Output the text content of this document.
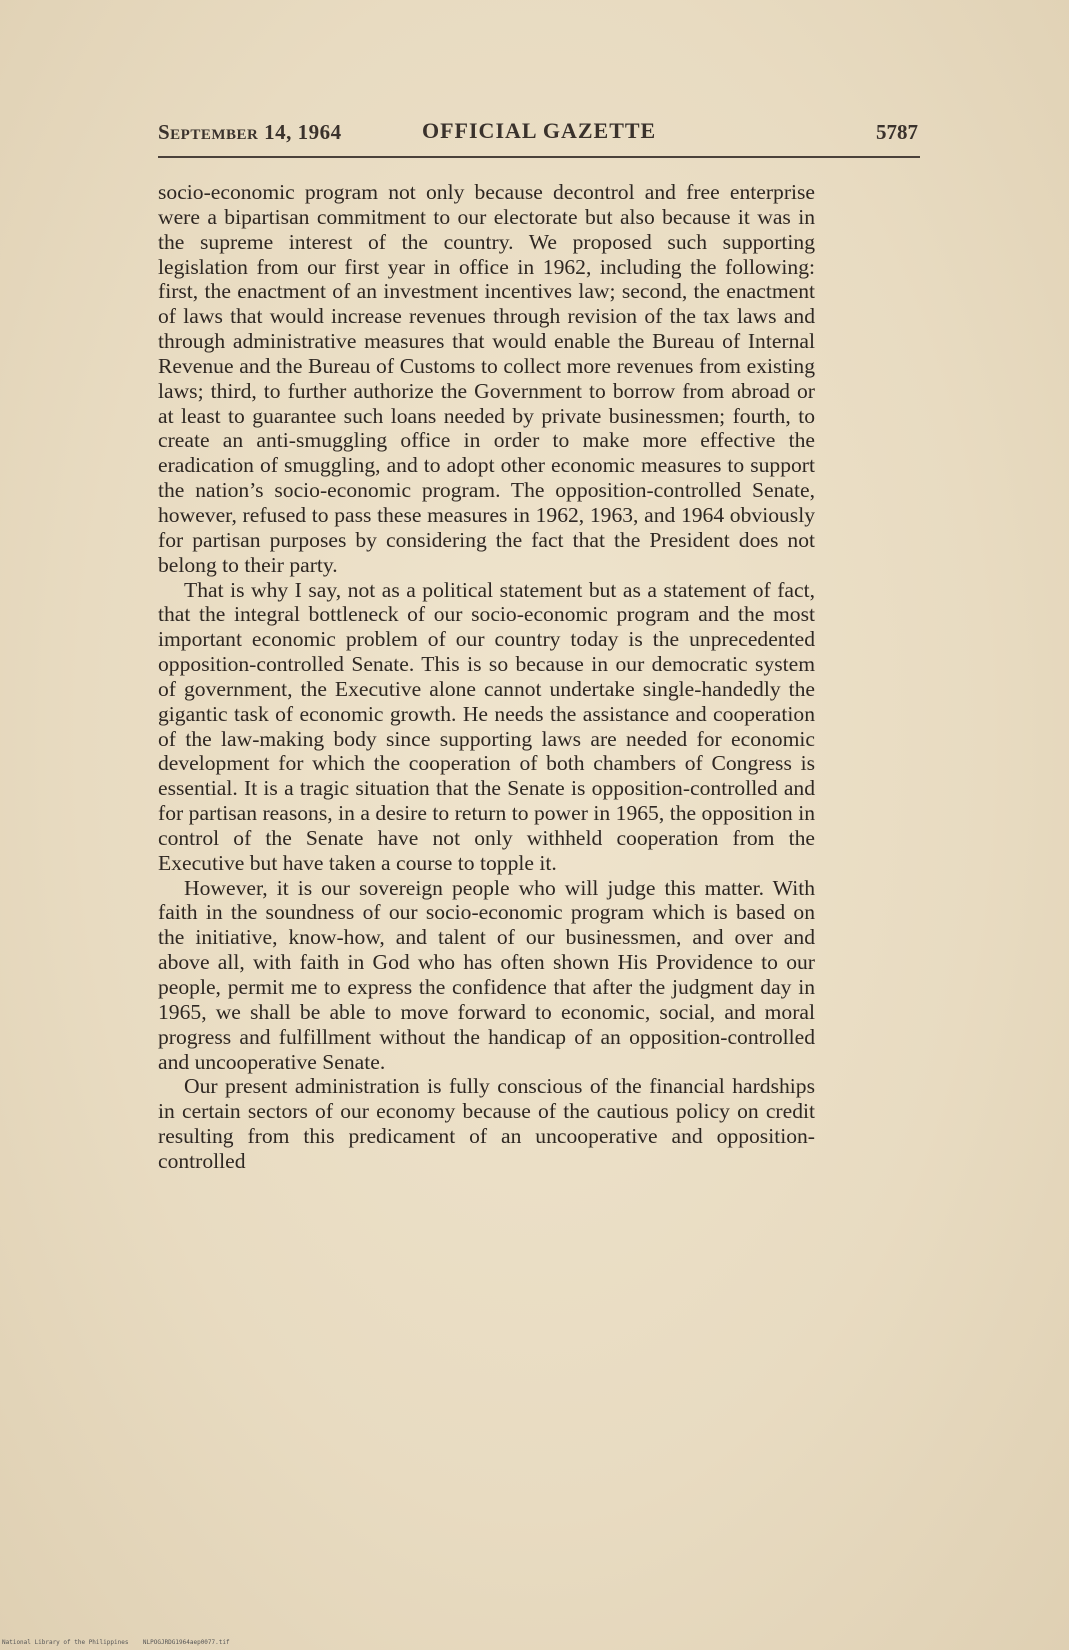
September 14, 1964	OFFICIAL GAZETTE	5787

socio-economic program not only because decontrol and free enterprise were a bipartisan commitment to our electorate but also because it was in the supreme interest of the country. We proposed such supporting legislation from our first year in office in 1962, including the following: first, the enactment of an investment incentives law; second, the enactment of laws that would increase revenues through revision of the tax laws and through administrative measures that would enable the Bureau of Internal Revenue and the Bureau of Customs to collect more revenues from existing laws; third, to further authorize the Government to borrow from abroad or at least to guarantee such loans needed by private businessmen; fourth, to create an anti-smuggling office in order to make more effective the eradication of smuggling, and to adopt other economic measures to support the nation’s socio-economic program. The opposition-controlled Senate, however, refused to pass these measures in 1962, 1963, and 1964 obviously for partisan purposes by considering the fact that the President does not belong to their party.

That is why I say, not as a political statement but as a statement of fact, that the integral bottleneck of our socio-economic program and the most important economic problem of our country today is the unprecedented opposition-controlled Senate. This is so because in our democratic system of government, the Executive alone cannot undertake single-handedly the gigantic task of economic growth. He needs the assistance and cooperation of the law-making body since supporting laws are needed for economic development for which the cooperation of both chambers of Congress is essential. It is a tragic situation that the Senate is opposition-controlled and for partisan reasons, in a desire to return to power in 1965, the opposition in control of the Senate have not only withheld cooperation from the Executive but have taken a course to topple it.

However, it is our sovereign people who will judge this matter. With faith in the soundness of our socio-economic program which is based on the initiative, know-how, and talent of our businessmen, and over and above all, with faith in God who has often shown His Providence to our people, permit me to express the confidence that after the judgment day in 1965, we shall be able to move forward to economic, social, and moral progress and fulfillment without the handicap of an opposition-controlled and uncooperative Senate.

Our present administration is fully conscious of the financial hardships in certain sectors of our economy because of the cautious policy on credit resulting from this predicament of an uncooperative and opposition-controlled

National Library of the Philippines NLPOGJRDG1964aep0077.tif
